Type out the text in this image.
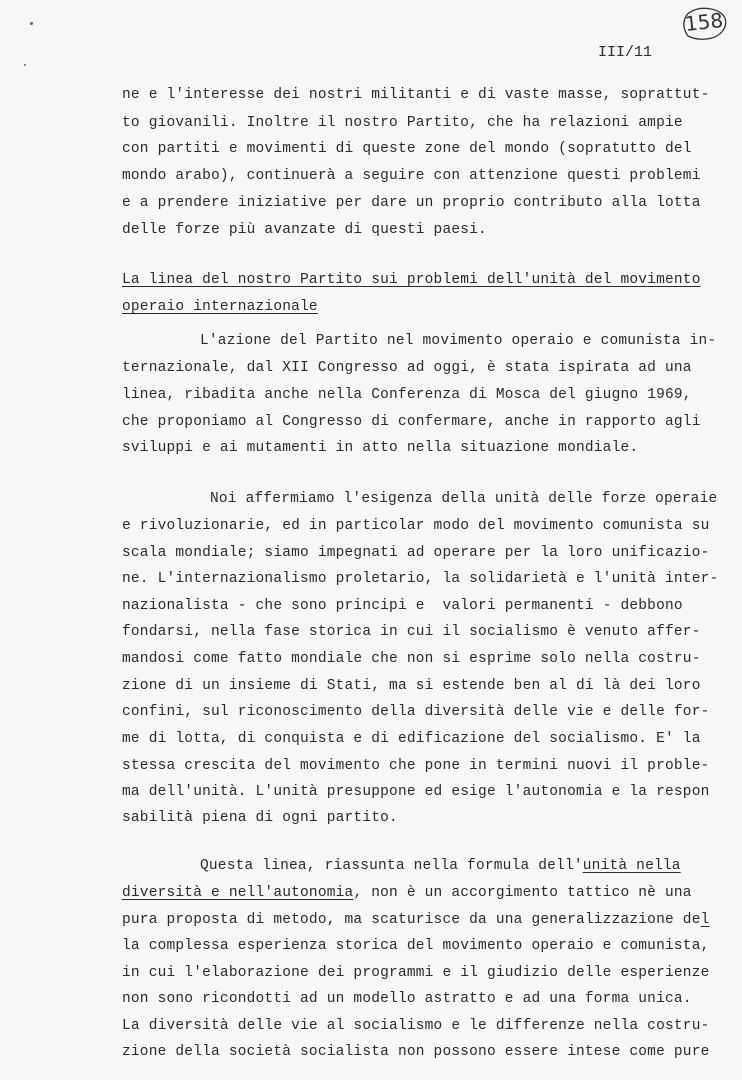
158
III/11
ne e l'interesse dei nostri militanti e di vaste masse, soprattut-
to giovanili. Inoltre il nostro Partito, che ha relazioni ampie
con partiti e movimenti di queste zone del mondo (sopratutto del
mondo arabo), continuerà a seguire con attenzione questi problemi
e a prendere iniziative per dare un proprio contributo alla lotta
delle forze più avanzate di questi paesi.
La linea del nostro Partito sui problemi dell'unità del movimento
operaio internazionale
L'azione del Partito nel movimento operaio e comunista in-
ternazionale, dal XII Congresso ad oggi, è stata ispirata ad una
linea, ribadita anche nella Conferenza di Mosca del giugno 1969,
che proponiamo al Congresso di confermare, anche in rapporto agli
sviluppi e ai mutamenti in atto nella situazione mondiale.
Noi affermiamo l'esigenza della unità delle forze operaie
e rivoluzionarie, ed in particolar modo del movimento comunista su
scala mondiale; siamo impegnati ad operare per la loro unificazio-
ne. L'internazionalismo proletario, la solidarietà e l'unità inter-
nazionalista - che sono principi e  valori permanenti - debbono
fondarsi, nella fase storica in cui il socialismo è venuto affer-
mandosi come fatto mondiale che non si esprime solo nella costru-
zione di un insieme di Stati, ma si estende ben al di là dei loro
confini, sul riconoscimento della diversità delle vie e delle for-
me di lotta, di conquista e di edificazione del socialismo. E' la
stessa crescita del movimento che pone in termini nuovi il proble-
ma dell'unità. L'unità presuppone ed esige l'autonomia e la respon
sabilità piena di ogni partito.
Questa linea, riassunta nella formula dell'unità nella
diversità e nell'autonomia, non è un accorgimento tattico nè una
pura proposta di metodo, ma scaturisce da una generalizzazione del
la complessa esperienza storica del movimento operaio e comunista,
in cui l'elaborazione dei programmi e il giudizio delle esperienze
non sono ricondotti ad un modello astratto e ad una forma unica.
La diversità delle vie al socialismo e le differenze nella costru-
zione della società socialista non possono essere intese come pure
